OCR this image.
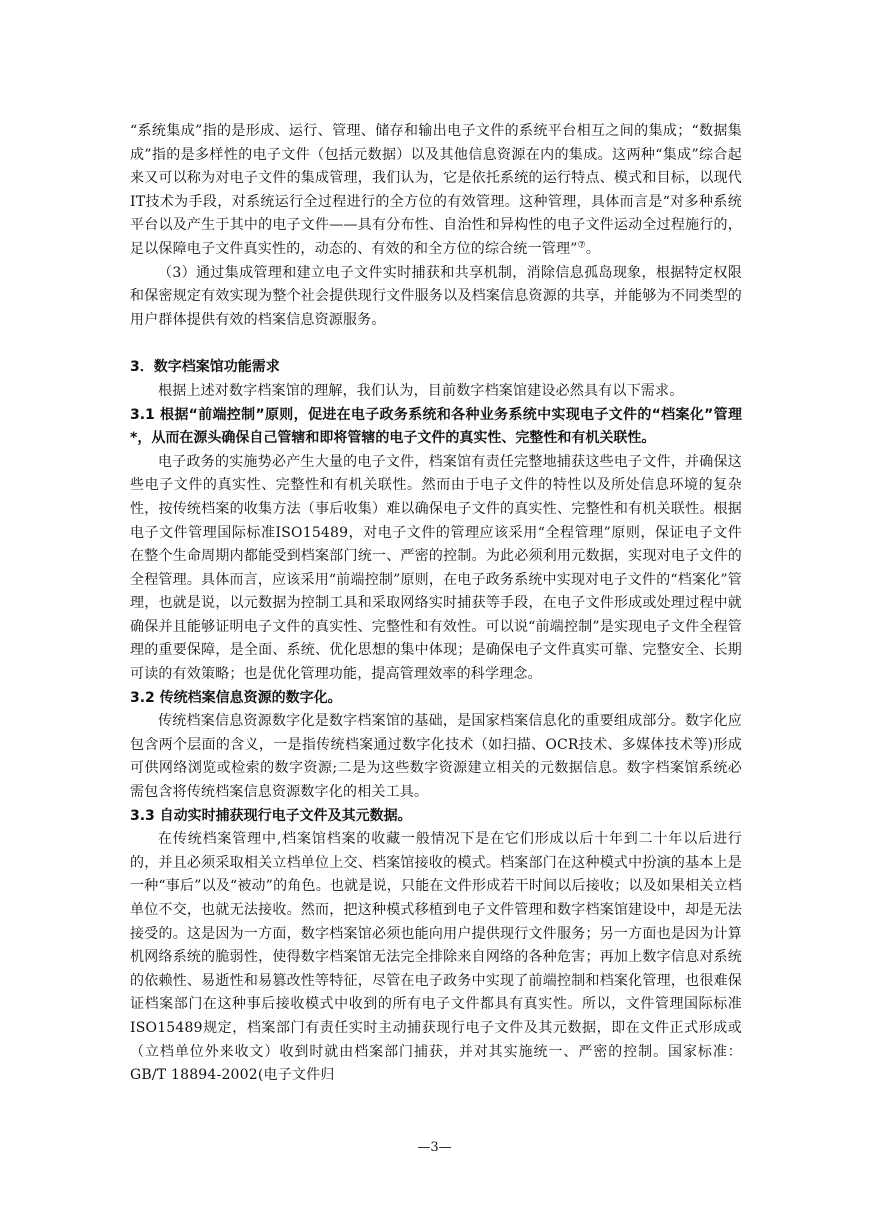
“系统集成”指的是形成、运行、管理、储存和输出电子文件的系统平台相互之间的集成；“数据集成”指的是多样性的电子文件（包括元数据）以及其他信息资源在内的集成。这两种“集成”综合起来又可以称为对电子文件的集成管理，我们认为，它是依托系统的运行特点、模式和目标，以现代IT技术为手段，对系统运行全过程进行的全方位的有效管理。这种管理，具体而言是“对多种系统平台以及产生于其中的电子文件——具有分布性、自治性和异构性的电子文件运动全过程施行的，足以保障电子文件真实性的，动态的、有效的和全方位的综合统一管理”⑦。

（3）通过集成管理和建立电子文件实时捕获和共享机制，消除信息孤岛现象，根据特定权限和保密规定有效实现为整个社会提供现行文件服务以及档案信息资源的共享，并能够为不同类型的用户群体提供有效的档案信息资源服务。

3．数字档案馆功能需求

根据上述对数字档案馆的理解，我们认为，目前数字档案馆建设必然具有以下需求。

3.1 根据“前端控制”原则，促进在电子政务系统和各种业务系统中实现电子文件的“档案化”管理*，从而在源头确保自己管辖和即将管辖的电子文件的真实性、完整性和有机关联性。

电子政务的实施势必产生大量的电子文件，档案馆有责任完整地捕获这些电子文件，并确保这些电子文件的真实性、完整性和有机关联性。然而由于电子文件的特性以及所处信息环境的复杂性，按传统档案的收集方法（事后收集）难以确保电子文件的真实性、完整性和有机关联性。根据电子文件管理国际标准ISO15489，对电子文件的管理应该采用“全程管理”原则，保证电子文件在整个生命周期内都能受到档案部门统一、严密的控制。为此必须利用元数据，实现对电子文件的全程管理。具体而言，应该采用“前端控制”原则，在电子政务系统中实现对电子文件的“档案化”管理，也就是说，以元数据为控制工具和采取网络实时捕获等手段，在电子文件形成或处理过程中就确保并且能够证明电子文件的真实性、完整性和有效性。可以说“前端控制”是实现电子文件全程管理的重要保障，是全面、系统、优化思想的集中体现；是确保电子文件真实可靠、完整安全、长期可读的有效策略；也是优化管理功能，提高管理效率的科学理念。

3.2 传统档案信息资源的数字化。

传统档案信息资源数字化是数字档案馆的基础，是国家档案信息化的重要组成部分。数字化应包含两个层面的含义，一是指传统档案通过数字化技术（如扫描、OCR技术、多媒体技术等)形成可供网络浏览或检索的数字资源;二是为这些数字资源建立相关的元数据信息。数字档案馆系统必需包含将传统档案信息资源数字化的相关工具。

3.3 自动实时捕获现行电子文件及其元数据。

在传统档案管理中,档案馆档案的收藏一般情况下是在它们形成以后十年到二十年以后进行的，并且必须采取相关立档单位上交、档案馆接收的模式。档案部门在这种模式中扮演的基本上是一种“事后”以及“被动”的角色。也就是说，只能在文件形成若干时间以后接收；以及如果相关立档单位不交，也就无法接收。然而，把这种模式移植到电子文件管理和数字档案馆建设中，却是无法接受的。这是因为一方面，数字档案馆必须也能向用户提供现行文件服务；另一方面也是因为计算机网络系统的脆弱性，使得数字档案馆无法完全排除来自网络的各种危害；再加上数字信息对系统的依赖性、易逝性和易篡改性等特征，尽管在电子政务中实现了前端控制和档案化管理，也很难保证档案部门在这种事后接收模式中收到的所有电子文件都具有真实性。所以，文件管理国际标准ISO15489规定，档案部门有责任实时主动捕获现行电子文件及其元数据，即在文件正式形成或（立档单位外来收文）收到时就由档案部门捕获，并对其实施统一、严密的控制。国家标准：GB/T 18894-2002(电子文件归

—3—
